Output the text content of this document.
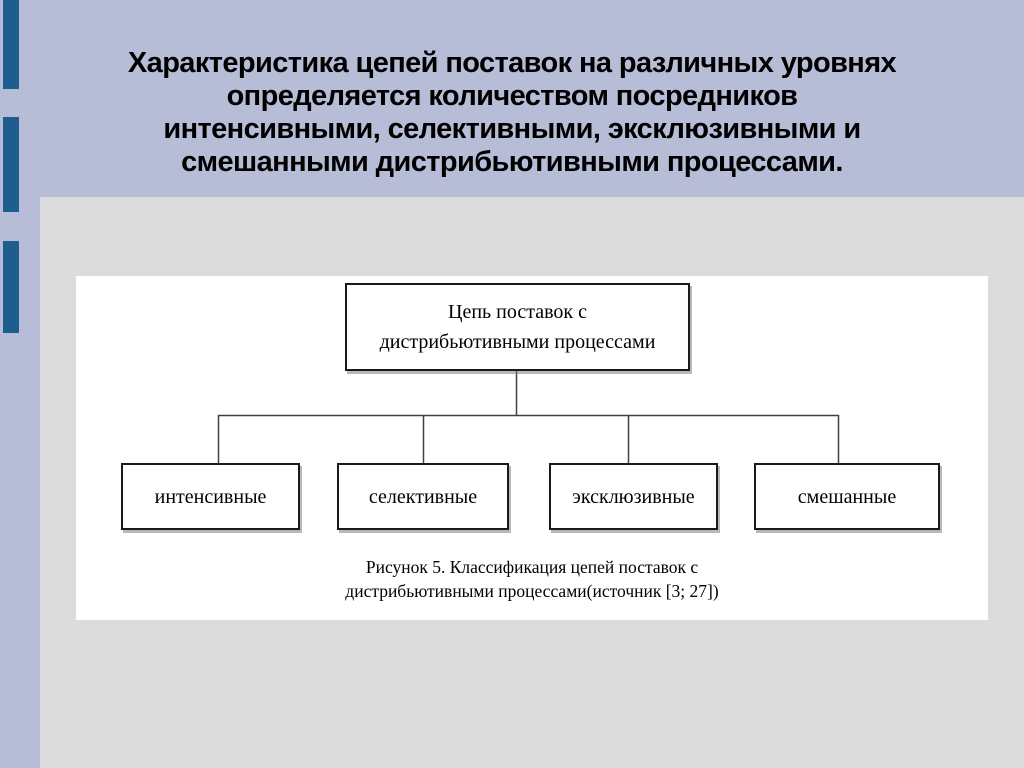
Характеристика цепей поставок на различных уровнях
определяется количеством посредников
интенсивными, селективными, эксклюзивными и
смешанными дистрибьютивными процессами.
Цепь поставок с
дистрибьютивными процессами
интенсивные	селективные	эксклюзивные	смешанные
Рисунок 5. Классификация цепей поставок с
дистрибьютивными процессами(источник [3; 27])
